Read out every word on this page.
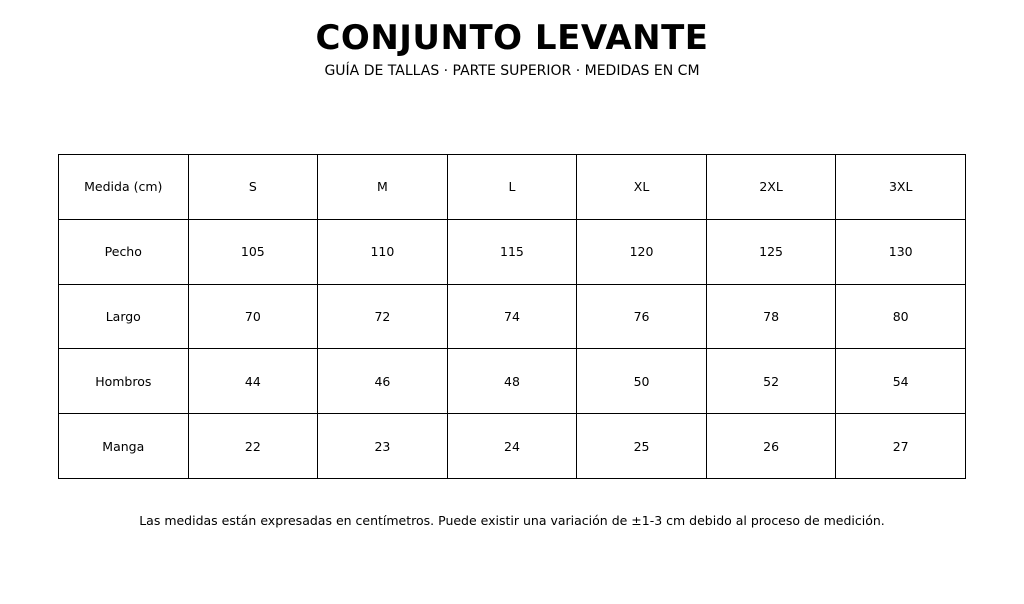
CONJUNTO LEVANTE
GUÍA DE TALLAS · PARTE SUPERIOR · MEDIDAS EN CM
Medida (cm)	S	M	L	XL	2XL	3XL
Pecho	105	110	115	120	125	130
Largo	70	72	74	76	78	80
Hombros	44	46	48	50	52	54
Manga	22	23	24	25	26	27
Las medidas están expresadas en centímetros. Puede existir una variación de ±1-3 cm debido al proceso de medición.
